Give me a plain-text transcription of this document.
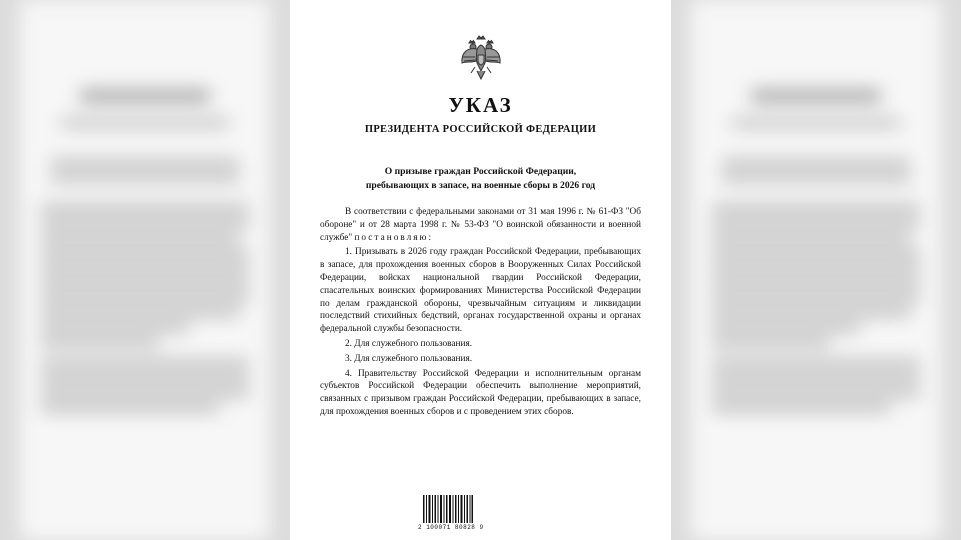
УКАЗ
ПРЕЗИДЕНТА РОССИЙСКОЙ ФЕДЕРАЦИИ
О призыве граждан Российской Федерации,
пребывающих в запасе, на военные сборы в 2026 год

В соответствии с федеральными законами от 31 мая 1996 г. № 61-ФЗ "Об обороне" и от 28 марта 1998 г. № 53-ФЗ "О воинской обязанности и военной службе" постановляю:

1. Призывать в 2026 году граждан Российской Федерации, пребывающих в запасе, для прохождения военных сборов в Вооруженных Силах Российской Федерации, войсках национальной гвардии Российской Федерации, спасательных воинских формированиях Министерства Российской Федерации по делам гражданской обороны, чрезвычайным ситуациям и ликвидации последствий стихийных бедствий, органах государственной охраны и органах федеральной службы безопасности.

2. Для служебного пользования.

3. Для служебного пользования.

4. Правительству Российской Федерации и исполнительным органам субъектов Российской Федерации обеспечить выполнение мероприятий, связанных с призывом граждан Российской Федерации, пребывающих в запасе, для прохождения военных сборов и с проведением этих сборов.

2 100071 80828 9
